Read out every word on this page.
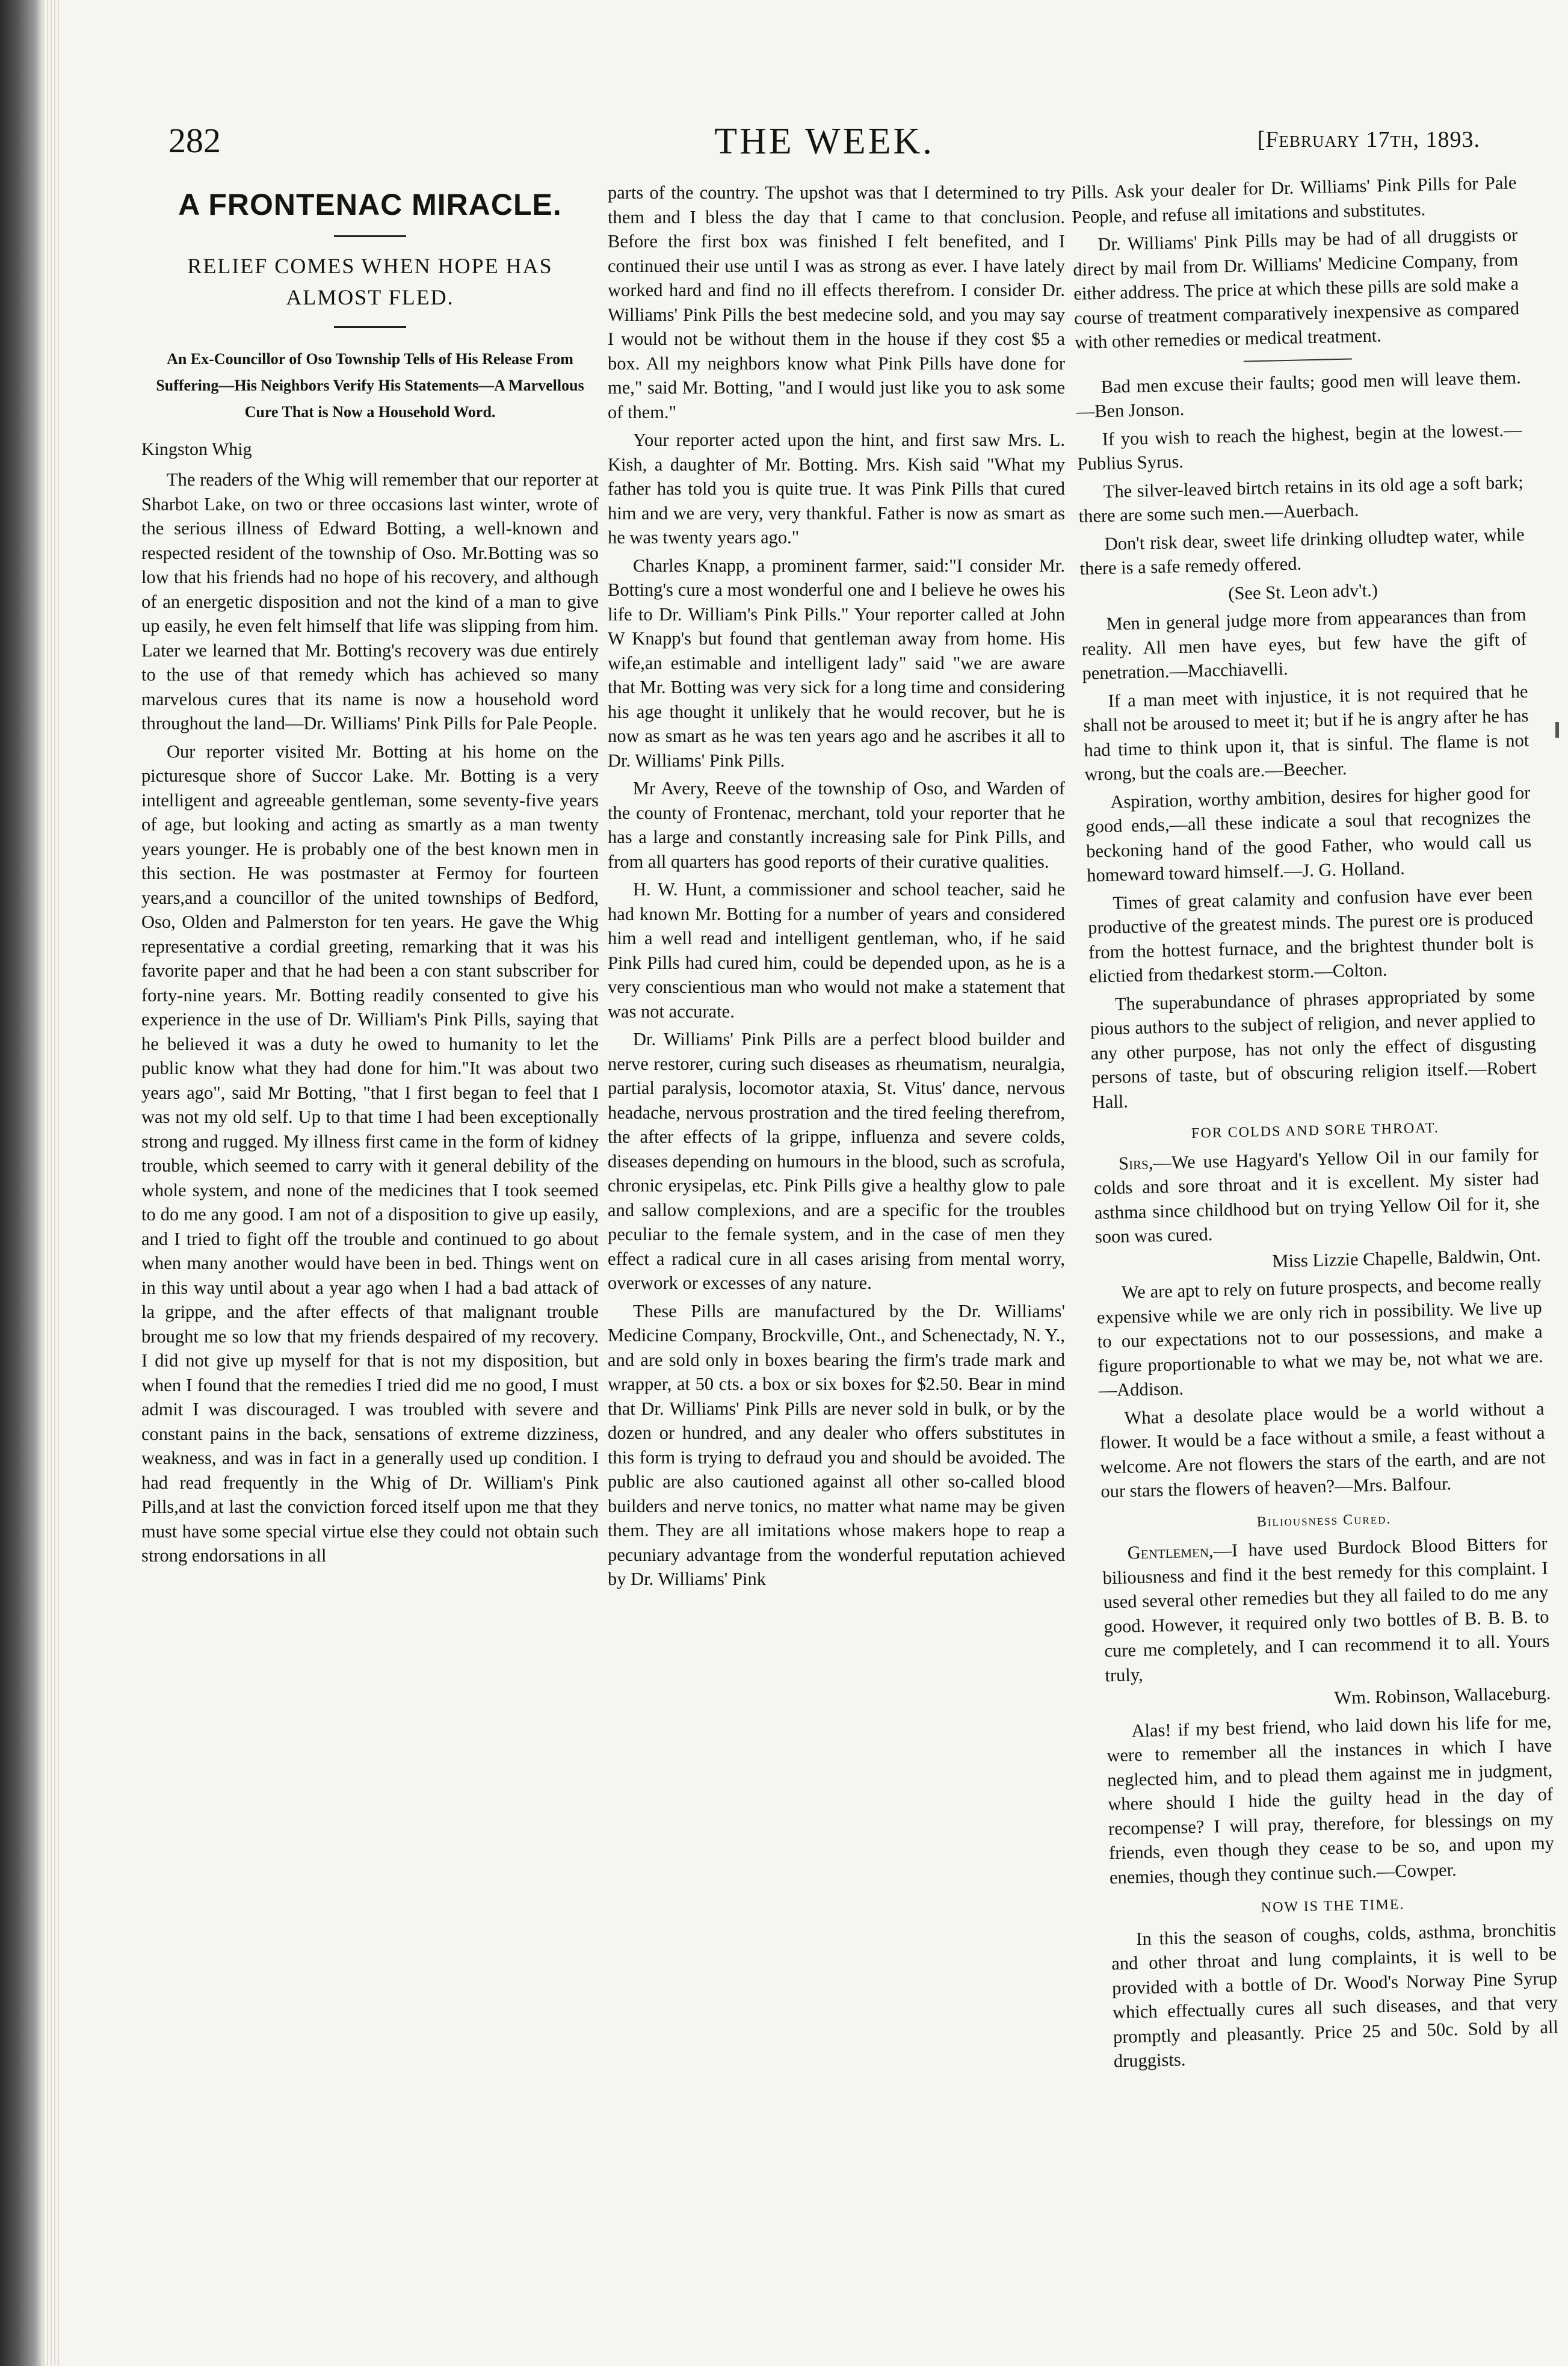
282	THE WEEK.	[February 17th, 1893.
A FRONTENAC MIRACLE.
RELIEF COMES WHEN HOPE HAS ALMOST FLED.
An Ex-Councillor of Oso Township Tells of His Release From Suffering—His Neighbors Verify His Statements—A Marvellous Cure That is Now a Household Word.
Kingston Whig

The readers of the Whig will remember that our reporter at Sharbot Lake, on two or three occasions last winter, wrote of the serious illness of Edward Botting, a well-known and respected resident of the township of Oso. Mr.Botting was so low that his friends had no hope of his recovery, and although of an energetic disposition and not the kind of a man to give up easily, he even felt himself that life was slipping from him. Later we learned that Mr. Botting's recovery was due entirely to the use of that remedy which has achieved so many marvelous cures that its name is now a household word throughout the land—Dr. Williams' Pink Pills for Pale People.

Our reporter visited Mr. Botting at his home on the picturesque shore of Succor Lake. Mr. Botting is a very intelligent and agreeable gentleman, some seventy-five years of age, but looking and acting as smartly as a man twenty years younger. He is probably one of the best known men in this section. He was postmaster at Fermoy for fourteen years,and a councillor of the united townships of Bedford, Oso, Olden and Palmerston for ten years. He gave the Whig representative a cordial greeting, remarking that it was his favorite paper and that he had been a con stant subscriber for forty-nine years. Mr. Botting readily consented to give his experience in the use of Dr. William's Pink Pills, saying that he believed it was a duty he owed to humanity to let the public know what they had done for him."It was about two years ago", said Mr Botting, "that I first began to feel that I was not my old self. Up to that time I had been exceptionally strong and rugged. My illness first came in the form of kidney trouble, which seemed to carry with it general debility of the whole system, and none of the medicines that I took seemed to do me any good. I am not of a disposition to give up easily, and I tried to fight off the trouble and continued to go about when many another would have been in bed. Things went on in this way until about a year ago when I had a bad attack of la grippe, and the after effects of that malignant trouble brought me so low that my friends despaired of my recovery. I did not give up myself for that is not my disposition, but when I found that the remedies I tried did me no good, I must admit I was discouraged. I was troubled with severe and constant pains in the back, sensations of extreme dizziness, weakness, and was in fact in a generally used up condition. I had read frequently in the Whig of Dr. William's Pink Pills,and at last the conviction forced itself upon me that they must have some special virtue else they could not obtain such strong endorsations in all

parts of the country. The upshot was that I determined to try them and I bless the day that I came to that conclusion. Before the first box was finished I felt benefited, and I continued their use until I was as strong as ever. I have lately worked hard and find no ill effects therefrom. I consider Dr. Williams' Pink Pills the best medecine sold, and you may say I would not be without them in the house if they cost $5 a box. All my neighbors know what Pink Pills have done for me," said Mr. Botting, "and I would just like you to ask some of them."

Your reporter acted upon the hint, and first saw Mrs. L. Kish, a daughter of Mr. Botting. Mrs. Kish said "What my father has told you is quite true. It was Pink Pills that cured him and we are very, very thankful. Father is now as smart as he was twenty years ago."

Charles Knapp, a prominent farmer, said:"I consider Mr. Botting's cure a most wonderful one and I believe he owes his life to Dr. William's Pink Pills." Your reporter called at John W Knapp's but found that gentleman away from home. His wife,an estimable and intelligent lady" said "we are aware that Mr. Botting was very sick for a long time and considering his age thought it unlikely that he would recover, but he is now as smart as he was ten years ago and he ascribes it all to Dr. Williams' Pink Pills.

Mr Avery, Reeve of the township of Oso, and Warden of the county of Frontenac, merchant, told your reporter that he has a large and constantly increasing sale for Pink Pills, and from all quarters has good reports of their curative qualities.

H. W. Hunt, a commissioner and school teacher, said he had known Mr. Botting for a number of years and considered him a well read and intelligent gentleman, who, if he said Pink Pills had cured him, could be depended upon, as he is a very conscientious man who would not make a statement that was not accurate.

Dr. Williams' Pink Pills are a perfect blood builder and nerve restorer, curing such diseases as rheumatism, neuralgia, partial paralysis, locomotor ataxia, St. Vitus' dance, nervous headache, nervous prostration and the tired feeling therefrom, the after effects of la grippe, influenza and severe colds, diseases depending on humours in the blood, such as scrofula, chronic erysipelas, etc. Pink Pills give a healthy glow to pale and sallow complexions, and are a specific for the troubles peculiar to the female system, and in the case of men they effect a radical cure in all cases arising from mental worry, overwork or excesses of any nature.

These Pills are manufactured by the Dr. Williams' Medicine Company, Brockville, Ont., and Schenectady, N. Y., and are sold only in boxes bearing the firm's trade mark and wrapper, at 50 cts. a box or six boxes for $2.50. Bear in mind that Dr. Williams' Pink Pills are never sold in bulk, or by the dozen or hundred, and any dealer who offers substitutes in this form is trying to defraud you and should be avoided. The public are also cautioned against all other so-called blood builders and nerve tonics, no matter what name may be given them. They are all imitations whose makers hope to reap a pecuniary advantage from the wonderful reputation achieved by Dr. Williams' Pink

Pills. Ask your dealer for Dr. Williams' Pink Pills for Pale People, and refuse all imitations and substitutes.

Dr. Williams' Pink Pills may be had of all druggists or direct by mail from Dr. Williams' Medicine Company, from either address. The price at which these pills are sold make a course of treatment comparatively inexpensive as compared with other remedies or medical treatment.

Bad men excuse their faults; good men will leave them.—Ben Jonson.

If you wish to reach the highest, begin at the lowest.—Publius Syrus.

The silver-leaved birtch retains in its old age a soft bark; there are some such men.—Auerbach.

Don't risk dear, sweet life drinking olludtep water, while there is a safe remedy offered.

(See St. Leon adv't.)

Men in general judge more from appearances than from reality. All men have eyes, but few have the gift of penetration.—Macchiavelli.

If a man meet with injustice, it is not required that he shall not be aroused to meet it; but if he is angry after he has had time to think upon it, that is sinful. The flame is not wrong, but the coals are.—Beecher.

Aspiration, worthy ambition, desires for higher good for good ends,—all these indicate a soul that recognizes the beckoning hand of the good Father, who would call us homeward toward himself.—J. G. Holland.

Times of great calamity and confusion have ever been productive of the greatest minds. The purest ore is produced from the hottest furnace, and the brightest thunder bolt is elictied from thedarkest storm.—Colton.

The superabundance of phrases appropriated by some pious authors to the subject of religion, and never applied to any other purpose, has not only the effect of disgusting persons of taste, but of obscuring religion itself.—Robert Hall.

FOR COLDS AND SORE THROAT.

Sirs,—We use Hagyard's Yellow Oil in our family for colds and sore throat and it is excellent. My sister had asthma since childhood but on trying Yellow Oil for it, she soon was cured.

Miss Lizzie Chapelle, Baldwin, Ont.

We are apt to rely on future prospects, and become really expensive while we are only rich in possibility. We live up to our expectations not to our possessions, and make a figure proportionable to what we may be, not what we are.—Addison.

What a desolate place would be a world without a flower. It would be a face without a smile, a feast without a welcome. Are not flowers the stars of the earth, and are not our stars the flowers of heaven?—Mrs. Balfour.

Biliousness Cured.

Gentlemen,—I have used Burdock Blood Bitters for biliousness and find it the best remedy for this complaint. I used several other remedies but they all failed to do me any good. However, it required only two bottles of B. B. B. to cure me completely, and I can recommend it to all. Yours truly,

Wm. Robinson, Wallaceburg.

Alas! if my best friend, who laid down his life for me, were to remember all the instances in which I have neglected him, and to plead them against me in judgment, where should I hide the guilty head in the day of recompense? I will pray, therefore, for blessings on my friends, even though they cease to be so, and upon my enemies, though they continue such.—Cowper.

NOW IS THE TIME.

In this the season of coughs, colds, asthma, bronchitis and other throat and lung complaints, it is well to be provided with a bottle of Dr. Wood's Norway Pine Syrup which effectually cures all such diseases, and that very promptly and pleasantly. Price 25 and 50c. Sold by all druggists.
